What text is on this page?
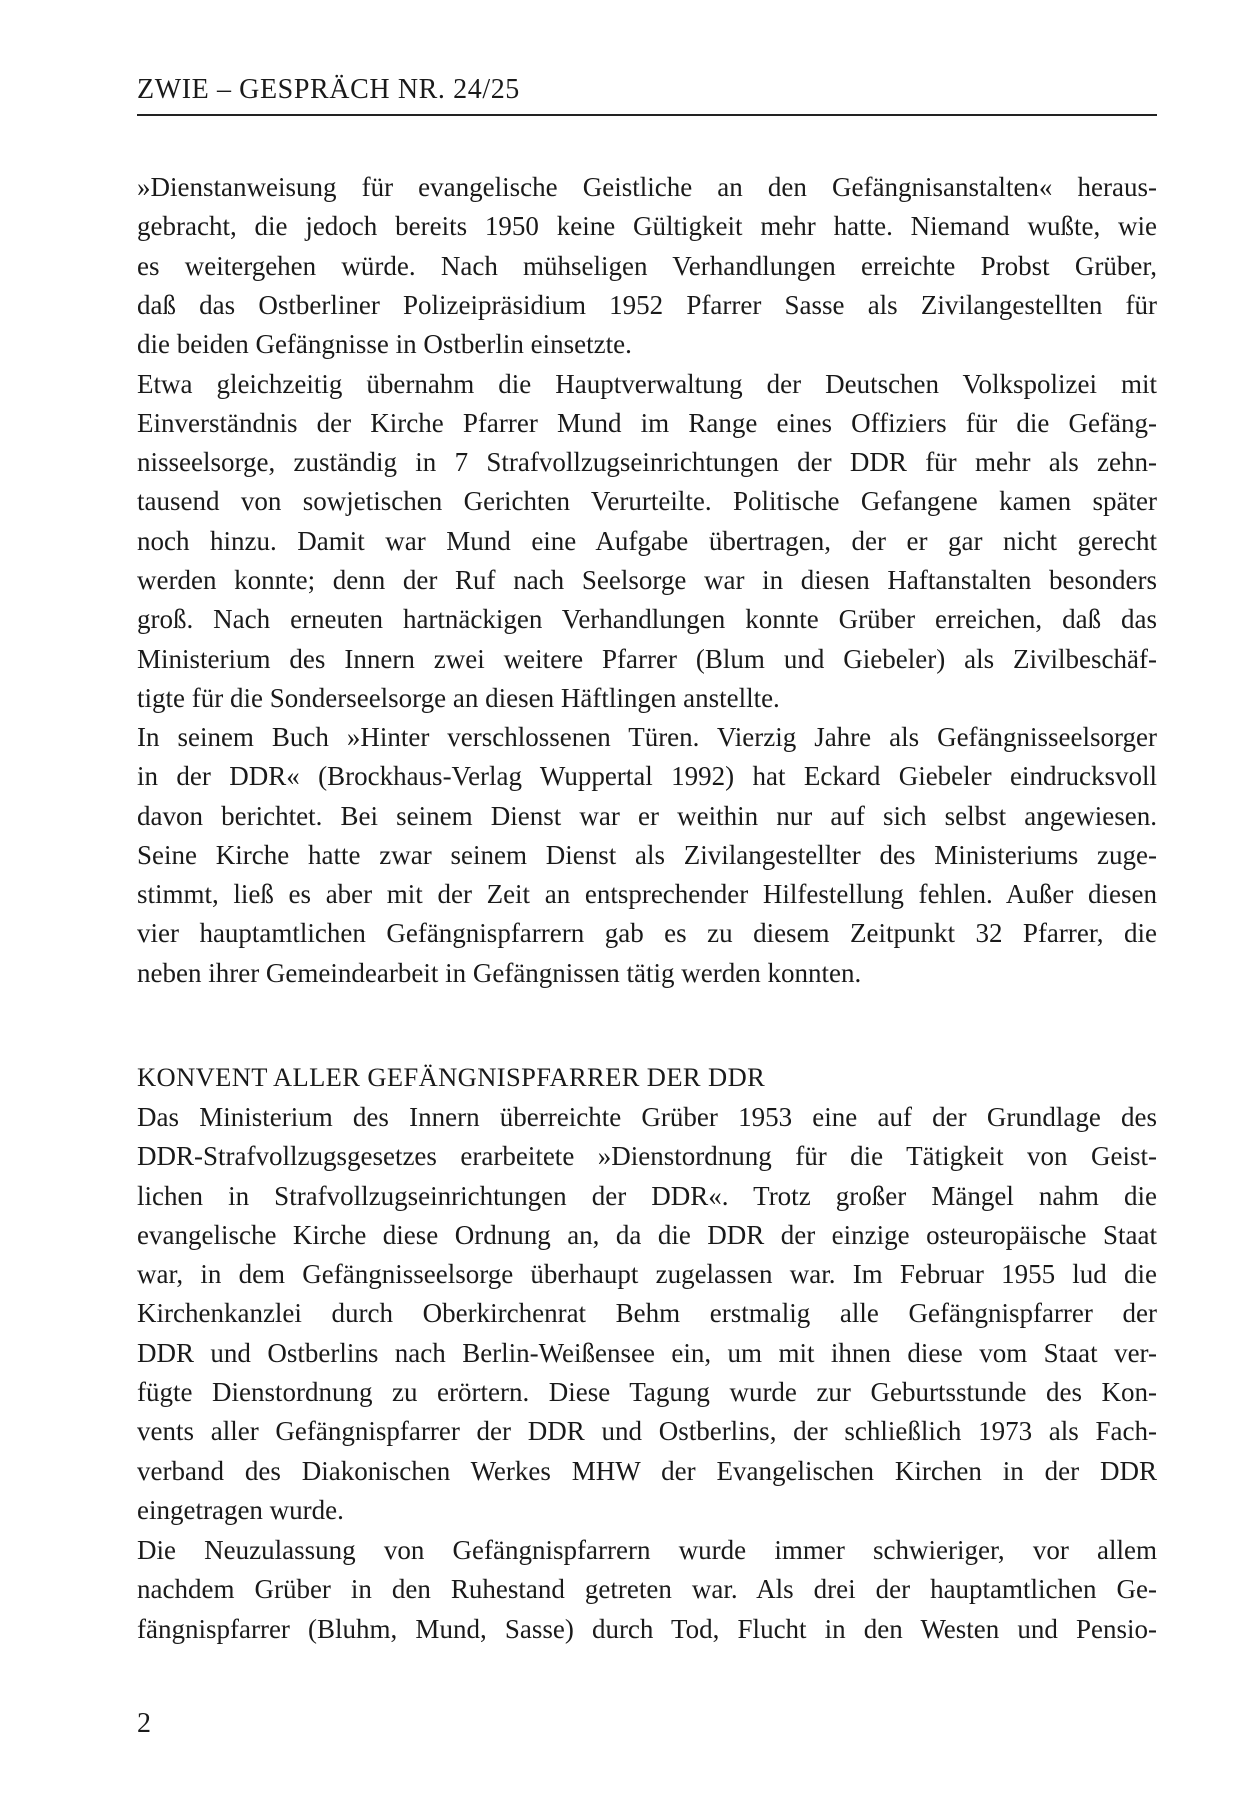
ZWIE – GESPRÄCH NR. 24/25
»Dienstanweisung für evangelische Geistliche an den Gefängnisanstalten« heraus-
gebracht, die jedoch bereits 1950 keine Gültigkeit mehr hatte. Niemand wußte, wie
es weitergehen würde. Nach mühseligen Verhandlungen erreichte Probst Grüber,
daß das Ostberliner Polizeipräsidium 1952 Pfarrer Sasse als Zivilangestellten für
die beiden Gefängnisse in Ostberlin einsetzte.
Etwa gleichzeitig übernahm die Hauptverwaltung der Deutschen Volkspolizei mit
Einverständnis der Kirche Pfarrer Mund im Range eines Offiziers für die Gefäng-
nisseelsorge, zuständig in 7 Strafvollzugseinrichtungen der DDR für mehr als zehn-
tausend von sowjetischen Gerichten Verurteilte. Politische Gefangene kamen später
noch hinzu. Damit war Mund eine Aufgabe übertragen, der er gar nicht gerecht
werden konnte; denn der Ruf nach Seelsorge war in diesen Haftanstalten besonders
groß. Nach erneuten hartnäckigen Verhandlungen konnte Grüber erreichen, daß das
Ministerium des Innern zwei weitere Pfarrer (Blum und Giebeler) als Zivilbeschäf-
tigte für die Sonderseelsorge an diesen Häftlingen anstellte.
In seinem Buch »Hinter verschlossenen Türen. Vierzig Jahre als Gefängnisseelsorger
in der DDR« (Brockhaus-Verlag Wuppertal 1992) hat Eckard Giebeler eindrucksvoll
davon berichtet. Bei seinem Dienst war er weithin nur auf sich selbst angewiesen.
Seine Kirche hatte zwar seinem Dienst als Zivilangestellter des Ministeriums zuge-
stimmt, ließ es aber mit der Zeit an entsprechender Hilfestellung fehlen. Außer diesen
vier hauptamtlichen Gefängnispfarrern gab es zu diesem Zeitpunkt 32 Pfarrer, die
neben ihrer Gemeindearbeit in Gefängnissen tätig werden konnten.
KONVENT ALLER GEFÄNGNISPFARRER DER DDR
Das Ministerium des Innern überreichte Grüber 1953 eine auf der Grundlage des
DDR-Strafvollzugsgesetzes erarbeitete »Dienstordnung für die Tätigkeit von Geist-
lichen in Strafvollzugseinrichtungen der DDR«. Trotz großer Mängel nahm die
evangelische Kirche diese Ordnung an, da die DDR der einzige osteuropäische Staat
war, in dem Gefängnisseelsorge überhaupt zugelassen war. Im Februar 1955 lud die
Kirchenkanzlei durch Oberkirchenrat Behm erstmalig alle Gefängnispfarrer der
DDR und Ostberlins nach Berlin-Weißensee ein, um mit ihnen diese vom Staat ver-
fügte Dienstordnung zu erörtern. Diese Tagung wurde zur Geburtsstunde des Kon-
vents aller Gefängnispfarrer der DDR und Ostberlins, der schließlich 1973 als Fach-
verband des Diakonischen Werkes MHW der Evangelischen Kirchen in der DDR
eingetragen wurde.
Die Neuzulassung von Gefängnispfarrern wurde immer schwieriger, vor allem
nachdem Grüber in den Ruhestand getreten war. Als drei der hauptamtlichen Ge-
fängnispfarrer (Bluhm, Mund, Sasse) durch Tod, Flucht in den Westen und Pensio-
2
